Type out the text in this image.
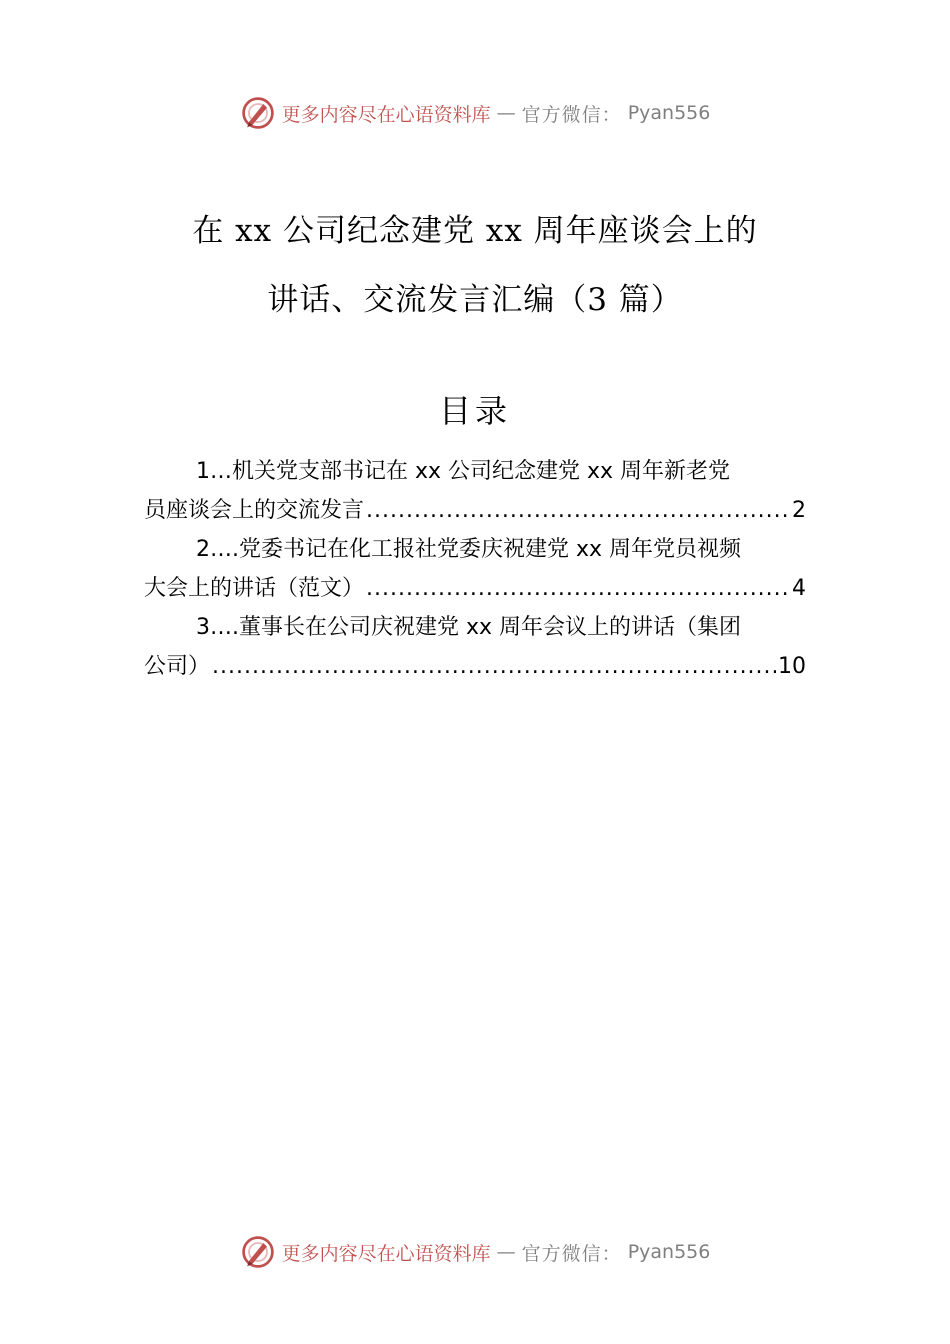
更多内容尽在心语资料库 — 官方微信： Pyan556
在 xx 公司纪念建党 xx 周年座谈会上的
讲话、交流发言汇编（3 篇）
目录
1…机关党支部书记在 xx 公司纪念建党 xx 周年新老党
员座谈会上的交流发言 .....	2
2….党委书记在化工报社党委庆祝建党 xx 周年党员视频
大会上的讲话（范文） .....	4
3….董事长在公司庆祝建党 xx 周年会议上的讲话（集团
公司） .....	10
更多内容尽在心语资料库 — 官方微信： Pyan556
